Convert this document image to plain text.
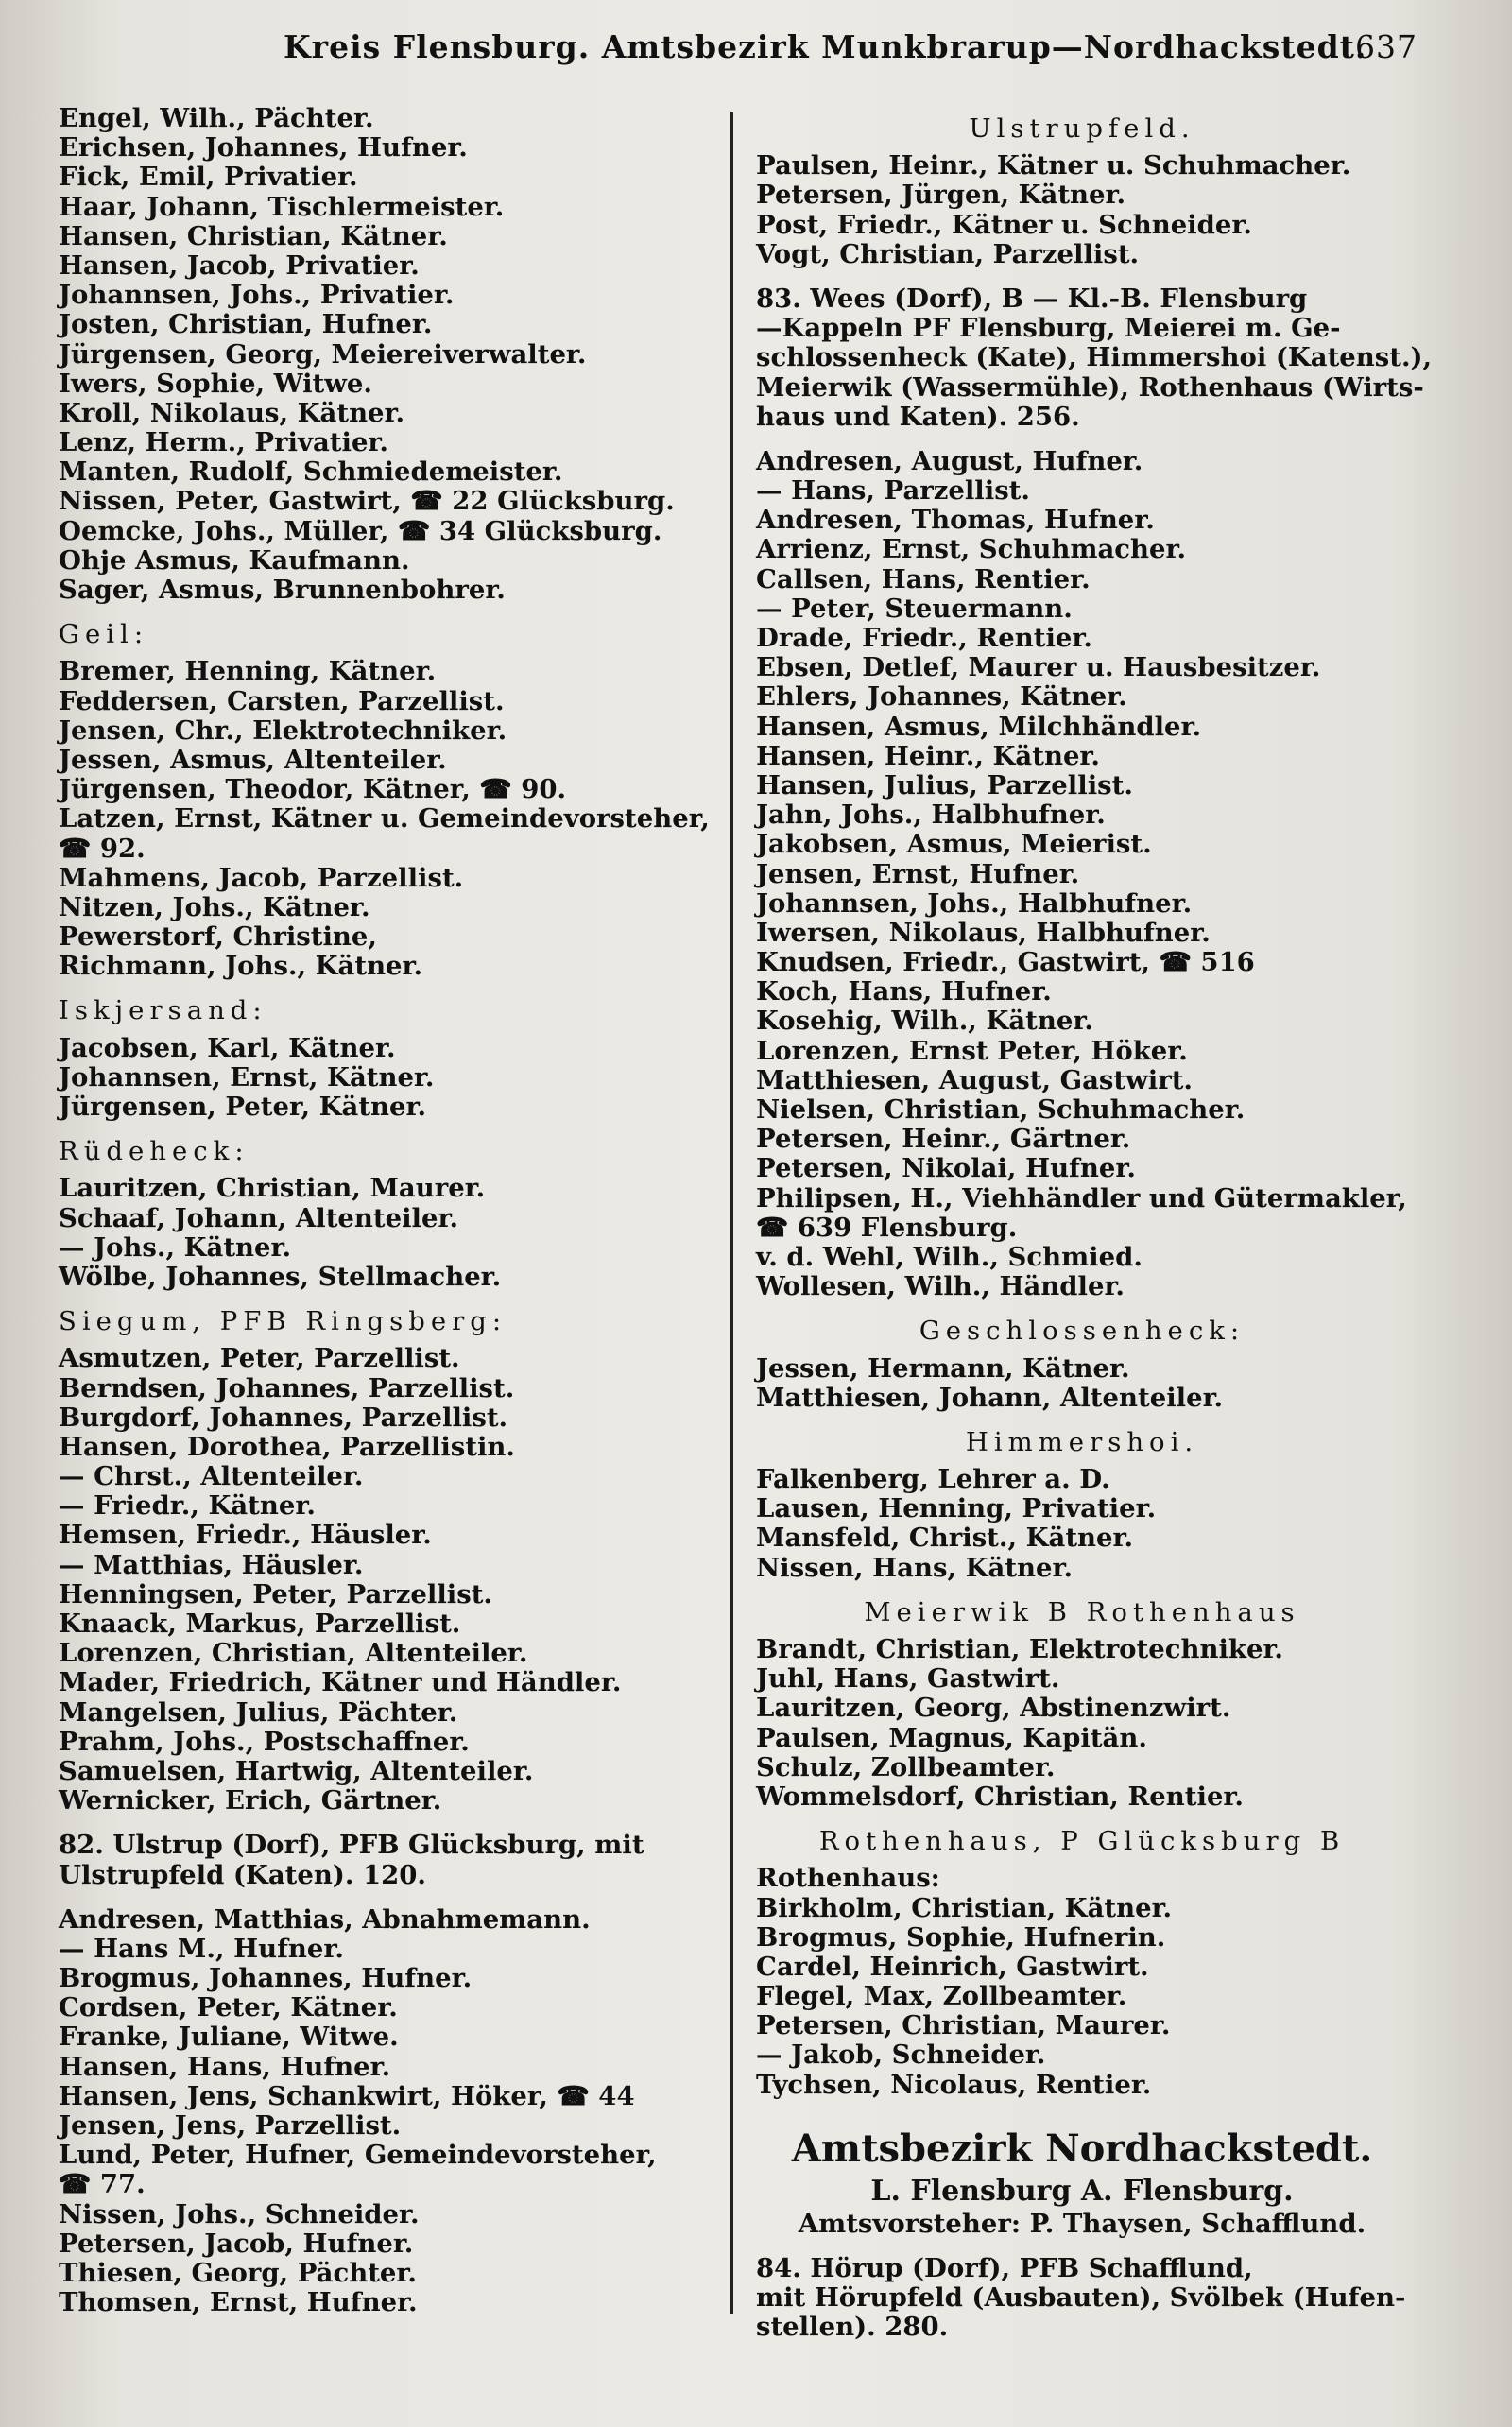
Kreis Flensburg. Amtsbezirk Munkbrarup—Nordhackstedt.
637
Engel, Wilh., Pächter.
Erichsen, Johannes, Hufner.
Fick, Emil, Privatier.
Haar, Johann, Tischlermeister.
Hansen, Christian, Kätner.
Hansen, Jacob, Privatier.
Johannsen, Johs., Privatier.
Josten, Christian, Hufner.
Jürgensen, Georg, Meiereiverwalter.
Iwers, Sophie, Witwe.
Kroll, Nikolaus, Kätner.
Lenz, Herm., Privatier.
Manten, Rudolf, Schmiedemeister.
Nissen, Peter, Gastwirt, ☎ 22 Glücksburg.
Oemcke, Johs., Müller, ☎ 34 Glücksburg.
Ohje Asmus, Kaufmann.
Sager, Asmus, Brunnenbohrer.
Geil:
Bremer, Henning, Kätner.
Feddersen, Carsten, Parzellist.
Jensen, Chr., Elektrotechniker.
Jessen, Asmus, Altenteiler.
Jürgensen, Theodor, Kätner, ☎ 90.
Latzen, Ernst, Kätner u. Gemeindevorsteher,
☎ 92.
Mahmens, Jacob, Parzellist.
Nitzen, Johs., Kätner.
Pewerstorf, Christine,
Richmann, Johs., Kätner.
Iskjersand:
Jacobsen, Karl, Kätner.
Johannsen, Ernst, Kätner.
Jürgensen, Peter, Kätner.
Rüdeheck:
Lauritzen, Christian, Maurer.
Schaaf, Johann, Altenteiler.
— Johs., Kätner.
Wölbe, Johannes, Stellmacher.
Siegum, PFB Ringsberg:
Asmutzen, Peter, Parzellist.
Berndsen, Johannes, Parzellist.
Burgdorf, Johannes, Parzellist.
Hansen, Dorothea, Parzellistin.
— Chrst., Altenteiler.
— Friedr., Kätner.
Hemsen, Friedr., Häusler.
— Matthias, Häusler.
Henningsen, Peter, Parzellist.
Knaack, Markus, Parzellist.
Lorenzen, Christian, Altenteiler.
Mader, Friedrich, Kätner und Händler.
Mangelsen, Julius, Pächter.
Prahm, Johs., Postschaffner.
Samuelsen, Hartwig, Altenteiler.
Wernicker, Erich, Gärtner.
82. Ulstrup (Dorf), PFB Glücksburg, mit
Ulstrupfeld (Katen). 120.
Andresen, Matthias, Abnahmemann.
— Hans M., Hufner.
Brogmus, Johannes, Hufner.
Cordsen, Peter, Kätner.
Franke, Juliane, Witwe.
Hansen, Hans, Hufner.
Hansen, Jens, Schankwirt, Höker, ☎ 44
Jensen, Jens, Parzellist.
Lund, Peter, Hufner, Gemeindevorsteher,
☎ 77.
Nissen, Johs., Schneider.
Petersen, Jacob, Hufner.
Thiesen, Georg, Pächter.
Thomsen, Ernst, Hufner.
Ulstrupfeld.
Paulsen, Heinr., Kätner u. Schuhmacher.
Petersen, Jürgen, Kätner.
Post, Friedr., Kätner u. Schneider.
Vogt, Christian, Parzellist.
83. Wees (Dorf), B — Kl.-B. Flensburg
—Kappeln PF Flensburg, Meierei m. Ge-
schlossenheck (Kate), Himmershoi (Katenst.),
Meierwik (Wassermühle), Rothenhaus (Wirts-
haus und Katen). 256.
Andresen, August, Hufner.
— Hans, Parzellist.
Andresen, Thomas, Hufner.
Arrienz, Ernst, Schuhmacher.
Callsen, Hans, Rentier.
— Peter, Steuermann.
Drade, Friedr., Rentier.
Ebsen, Detlef, Maurer u. Hausbesitzer.
Ehlers, Johannes, Kätner.
Hansen, Asmus, Milchhändler.
Hansen, Heinr., Kätner.
Hansen, Julius, Parzellist.
Jahn, Johs., Halbhufner.
Jakobsen, Asmus, Meierist.
Jensen, Ernst, Hufner.
Johannsen, Johs., Halbhufner.
Iwersen, Nikolaus, Halbhufner.
Knudsen, Friedr., Gastwirt, ☎ 516
Koch, Hans, Hufner.
Kosehig, Wilh., Kätner.
Lorenzen, Ernst Peter, Höker.
Matthiesen, August, Gastwirt.
Nielsen, Christian, Schuhmacher.
Petersen, Heinr., Gärtner.
Petersen, Nikolai, Hufner.
Philipsen, H., Viehhändler und Gütermakler,
☎ 639 Flensburg.
v. d. Wehl, Wilh., Schmied.
Wollesen, Wilh., Händler.
Geschlossenheck:
Jessen, Hermann, Kätner.
Matthiesen, Johann, Altenteiler.
Himmershoi.
Falkenberg, Lehrer a. D.
Lausen, Henning, Privatier.
Mansfeld, Christ., Kätner.
Nissen, Hans, Kätner.
Meierwik B Rothenhaus
Brandt, Christian, Elektrotechniker.
Juhl, Hans, Gastwirt.
Lauritzen, Georg, Abstinenzwirt.
Paulsen, Magnus, Kapitän.
Schulz, Zollbeamter.
Wommelsdorf, Christian, Rentier.
Rothenhaus, P Glücksburg B
Rothenhaus:
Birkholm, Christian, Kätner.
Brogmus, Sophie, Hufnerin.
Cardel, Heinrich, Gastwirt.
Flegel, Max, Zollbeamter.
Petersen, Christian, Maurer.
— Jakob, Schneider.
Tychsen, Nicolaus, Rentier.
Amtsbezirk Nordhackstedt.
L. Flensburg A. Flensburg.
Amtsvorsteher: P. Thaysen, Schafflund.
84. Hörup (Dorf), PFB Schafflund,
mit Hörupfeld (Ausbauten), Svölbek (Hufen-
stellen). 280.
